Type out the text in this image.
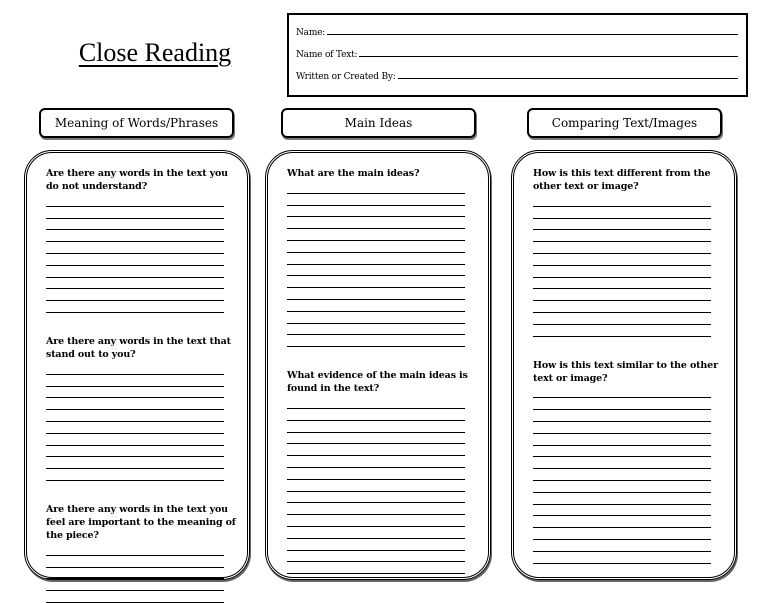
Close Reading
Name:
Name of Text:
Written or Created By:
Meaning of Words/Phrases	Main Ideas	Comparing Text/Images
Are there any words in the text you do not understand?
Are there any words in the text that stand out to you?
Are there any words in the text you feel are important to the meaning of the piece?
What are the main ideas?
What evidence of the main ideas is found in the text?
How is this text different from the other text or image?
How is this text similar to the other text or image?
